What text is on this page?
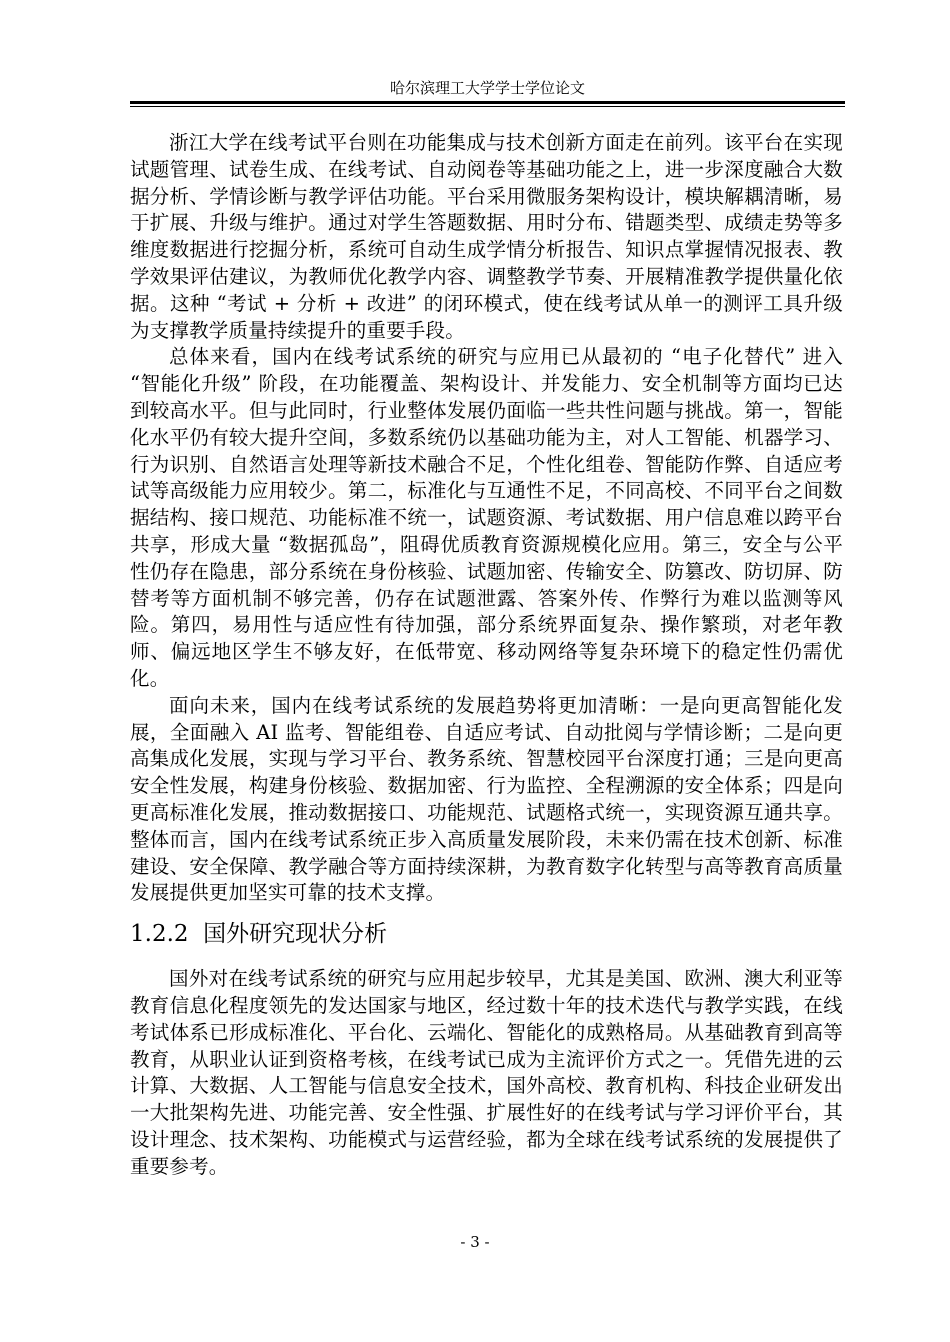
哈尔滨理工大学学士学位论文

浙江大学在线考试平台则在功能集成与技术创新方面走在前列。该平台在实现试题管理、试卷生成、在线考试、自动阅卷等基础功能之上，进一步深度融合大数据分析、学情诊断与教学评估功能。平台采用微服务架构设计，模块解耦清晰，易于扩展、升级与维护。通过对学生答题数据、用时分布、错题类型、成绩走势等多维度数据进行挖掘分析，系统可自动生成学情分析报告、知识点掌握情况报表、教学效果评估建议，为教师优化教学内容、调整教学节奏、开展精准教学提供量化依据。这种 “考试 + 分析 + 改进” 的闭环模式，使在线考试从单一的测评工具升级为支撑教学质量持续提升的重要手段。

总体来看，国内在线考试系统的研究与应用已从最初的 “电子化替代” 进入 “智能化升级” 阶段，在功能覆盖、架构设计、并发能力、安全机制等方面均已达到较高水平。但与此同时，行业整体发展仍面临一些共性问题与挑战。第一，智能化水平仍有较大提升空间，多数系统仍以基础功能为主，对人工智能、机器学习、行为识别、自然语言处理等新技术融合不足，个性化组卷、智能防作弊、自适应考试等高级能力应用较少。第二，标准化与互通性不足，不同高校、不同平台之间数据结构、接口规范、功能标准不统一，试题资源、考试数据、用户信息难以跨平台共享，形成大量 “数据孤岛”，阻碍优质教育资源规模化应用。第三，安全与公平性仍存在隐患，部分系统在身份核验、试题加密、传输安全、防篡改、防切屏、防替考等方面机制不够完善，仍存在试题泄露、答案外传、作弊行为难以监测等风险。第四，易用性与适应性有待加强，部分系统界面复杂、操作繁琐，对老年教师、偏远地区学生不够友好，在低带宽、移动网络等复杂环境下的稳定性仍需优化。

面向未来，国内在线考试系统的发展趋势将更加清晰：一是向更高智能化发展，全面融入 AI 监考、智能组卷、自适应考试、自动批阅与学情诊断；二是向更高集成化发展，实现与学习平台、教务系统、智慧校园平台深度打通；三是向更高安全性发展，构建身份核验、数据加密、行为监控、全程溯源的安全体系；四是向更高标准化发展，推动数据接口、功能规范、试题格式统一，实现资源互通共享。整体而言，国内在线考试系统正步入高质量发展阶段，未来仍需在技术创新、标准建设、安全保障、教学融合等方面持续深耕，为教育数字化转型与高等教育高质量发展提供更加坚实可靠的技术支撑。

1.2.2 国外研究现状分析

国外对在线考试系统的研究与应用起步较早，尤其是美国、欧洲、澳大利亚等教育信息化程度领先的发达国家与地区，经过数十年的技术迭代与教学实践，在线考试体系已形成标准化、平台化、云端化、智能化的成熟格局。从基础教育到高等教育，从职业认证到资格考核，在线考试已成为主流评价方式之一。凭借先进的云计算、大数据、人工智能与信息安全技术，国外高校、教育机构、科技企业研发出一大批架构先进、功能完善、安全性强、扩展性好的在线考试与学习评价平台，其设计理念、技术架构、功能模式与运营经验，都为全球在线考试系统的发展提供了重要参考。

- 3 -
